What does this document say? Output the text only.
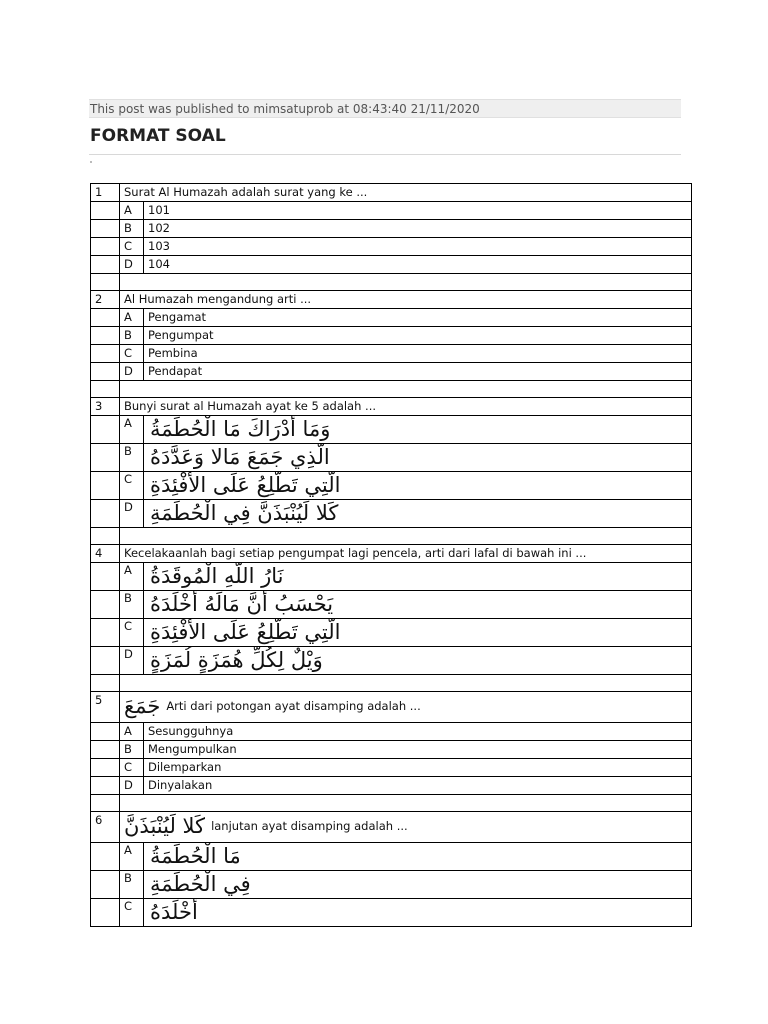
This post was published to mimsatuprob at 08:43:40 21/11/2020
FORMAT SOAL
1	Surat Al Humazah adalah surat yang ke ...	
	A	101
	B	102
	C	103
	D	104

2	Al Humazah mengandung arti ...	
	A	Pengamat
	B	Pengumpat
	C	Pembina
	D	Pendapat

3	Bunyi surat al Humazah ayat ke 5 adalah ...	
	A	وَمَا أَدْرَاكَ مَا الْحُطَمَةُ
	B	الَّذِي جَمَعَ مَالا وَعَدَّدَهُ
	C	الَّتِي تَطَّلِعُ عَلَى الأَفْئِدَةِ
	D	كَلا لَيُنْبَذَنَّ فِي الْحُطَمَةِ

4	Kecelakaanlah bagi setiap pengumpat lagi pencela, arti dari lafal di bawah ini ...	
	A	نَارُ اللَّهِ الْمُوقَدَةُ
	B	يَحْسَبُ أَنَّ مَالَهُ أَخْلَدَهُ
	C	الَّتِي تَطَّلِعُ عَلَى الأَفْئِدَةِ
	D	وَيْلٌ لِكُلِّ هُمَزَةٍ لُمَزَةٍ

5	جَمَعَ Arti dari potongan ayat disamping adalah ...	
	A	Sesungguhnya
	B	Mengumpulkan
	C	Dilemparkan
	D	Dinyalakan

6	كَلا لَيُنْبَذَنَّ lanjutan ayat disamping adalah ...	
	A	مَا الْحُطَمَةُ
	B	فِي الْحُطَمَةِ
	C	أَخْلَدَهُ
